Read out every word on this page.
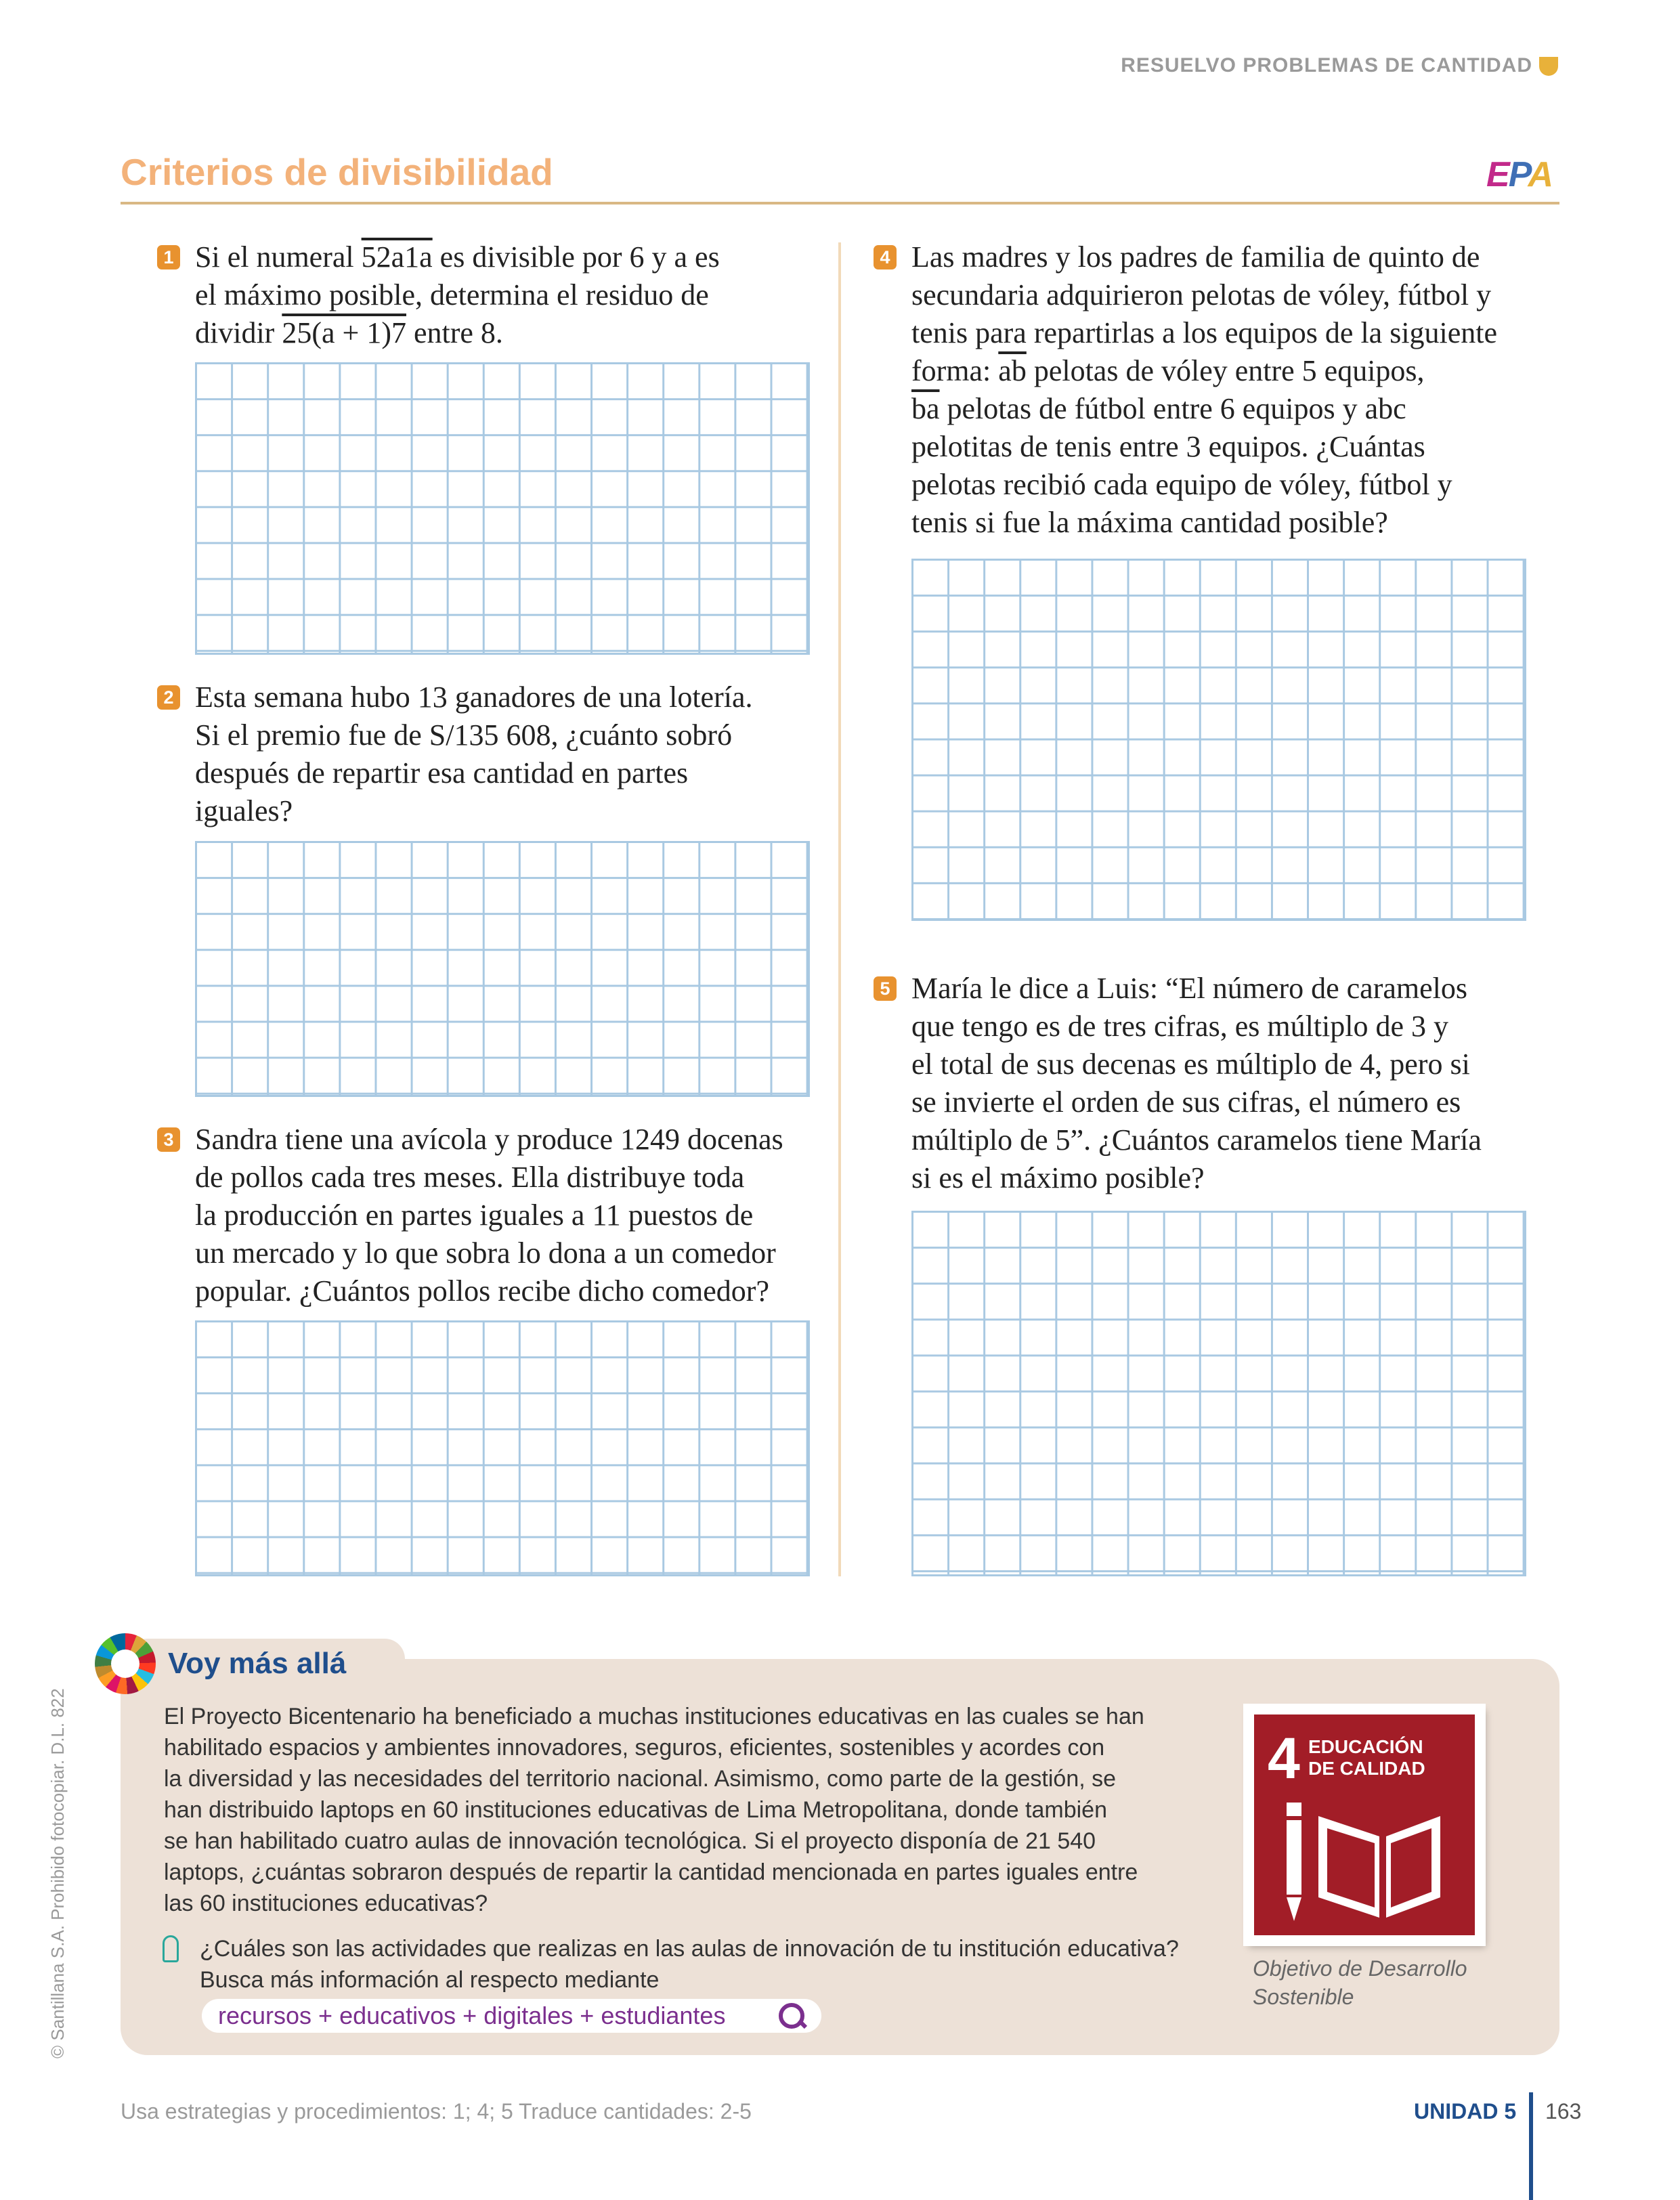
RESUELVO PROBLEMAS DE CANTIDAD
Criterios de divisibilidad	EPA
1 Si el numeral 52a1a es divisible por 6 y a es
el máximo posible, determina el residuo de
dividir 25(a + 1)7 entre 8.
2 Esta semana hubo 13 ganadores de una lotería.
Si el premio fue de S/135 608, ¿cuánto sobró
después de repartir esa cantidad en partes
iguales?
3 Sandra tiene una avícola y produce 1249 docenas
de pollos cada tres meses. Ella distribuye toda
la producción en partes iguales a 11 puestos de
un mercado y lo que sobra lo dona a un comedor
popular. ¿Cuántos pollos recibe dicho comedor?
4 Las madres y los padres de familia de quinto de
secundaria adquirieron pelotas de vóley, fútbol y
tenis para repartirlas a los equipos de la siguiente
forma: $\overline{ab}$ pelotas de vóley entre 5 equipos,
$\overline{ba}$ pelotas de fútbol entre 6 equipos y abc
pelotitas de tenis entre 3 equipos. ¿Cuántas
pelotas recibió cada equipo de vóley, fútbol y
tenis si fue la máxima cantidad posible?
5 María le dice a Luis: “El número de caramelos
que tengo es de tres cifras, es múltiplo de 3 y
el total de sus decenas es múltiplo de 4, pero si
se invierte el orden de sus cifras, el número es
múltiplo de 5”. ¿Cuántos caramelos tiene María
si es el máximo posible?
Voy más allá
El Proyecto Bicentenario ha beneficiado a muchas instituciones educativas en las cuales se han
habilitado espacios y ambientes innovadores, seguros, eficientes, sostenibles y acordes con
la diversidad y las necesidades del territorio nacional. Asimismo, como parte de la gestión, se
han distribuido laptops en 60 instituciones educativas de Lima Metropolitana, donde también
se han habilitado cuatro aulas de innovación tecnológica. Si el proyecto disponía de 21 540
laptops, ¿cuántas sobraron después de repartir la cantidad mencionada en partes iguales entre
las 60 instituciones educativas?
¿Cuáles son las actividades que realizas en las aulas de innovación de tu institución educativa?
Busca más información al respecto mediante
recursos + educativos + digitales + estudiantes
4 EDUCACIÓN
DE CALIDAD
Objetivo de Desarrollo
Sostenible
© Santillana S.A. Prohibido fotocopiar. D.L. 822
Usa estrategias y procedimientos: 1; 4; 5 Traduce cantidades: 2-5	UNIDAD 5 163
